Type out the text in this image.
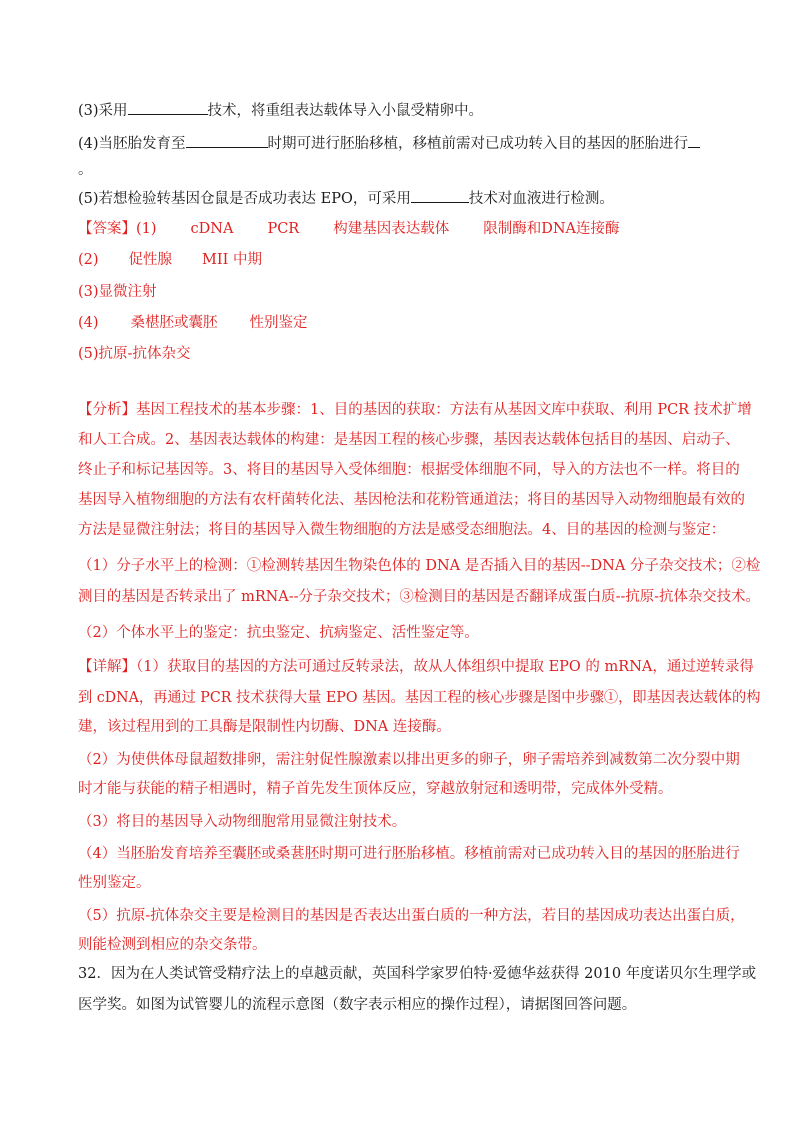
(3)采用	技术，将重组表达载体导入小鼠受精卵中。
(4)当胚胎发育至	时期可进行胚胎移植，移植前需对已成功转入目的基因的胚胎进行
。
(5)若想检验转基因仓鼠是否成功表达 EPO，可采用	技术对血液进行检测。
【答案】(1) cDNA PCR 构建基因表达载体 限制酶和DNA连接酶
(2) 促性腺 MII 中期
(3)显微注射
(4) 桑椹胚或囊胚 性别鉴定
(5)抗原-抗体杂交
【分析】基因工程技术的基本步骤：1、目的基因的获取：方法有从基因文库中获取、利用 PCR 技术扩增
和人工合成。2、基因表达载体的构建：是基因工程的核心步骤，基因表达载体包括目的基因、启动子、
终止子和标记基因等。3、将目的基因导入受体细胞：根据受体细胞不同，导入的方法也不一样。将目的
基因导入植物细胞的方法有农杆菌转化法、基因枪法和花粉管通道法；将目的基因导入动物细胞最有效的
方法是显微注射法；将目的基因导入微生物细胞的方法是感受态细胞法。4、目的基因的检测与鉴定：
（1）分子水平上的检测：①检测转基因生物染色体的 DNA 是否插入目的基因--DNA 分子杂交技术；②检
测目的基因是否转录出了 mRNA--分子杂交技术；③检测目的基因是否翻译成蛋白质--抗原-抗体杂交技术。
（2）个体水平上的鉴定：抗虫鉴定、抗病鉴定、活性鉴定等。
【详解】（1）获取目的基因的方法可通过反转录法，故从人体组织中提取 EPO 的 mRNA，通过逆转录得
到 cDNA，再通过 PCR 技术获得大量 EPO 基因。基因工程的核心步骤是图中步骤①，即基因表达载体的构
建，该过程用到的工具酶是限制性内切酶、DNA 连接酶。
（2）为使供体母鼠超数排卵，需注射促性腺激素以排出更多的卵子，卵子需培养到减数第二次分裂中期
时才能与获能的精子相遇时，精子首先发生顶体反应，穿越放射冠和透明带，完成体外受精。
（3）将目的基因导入动物细胞常用显微注射技术。
（4）当胚胎发育培养至囊胚或桑葚胚时期可进行胚胎移植。移植前需对已成功转入目的基因的胚胎进行
性别鉴定。
（5）抗原-抗体杂交主要是检测目的基因是否表达出蛋白质的一种方法，若目的基因成功表达出蛋白质，
则能检测到相应的杂交条带。
32．因为在人类试管受精疗法上的卓越贡献，英国科学家罗伯特·爱德华兹获得 2010 年度诺贝尔生理学或
医学奖。如图为试管婴儿的流程示意图（数字表示相应的操作过程），请据图回答问题。
